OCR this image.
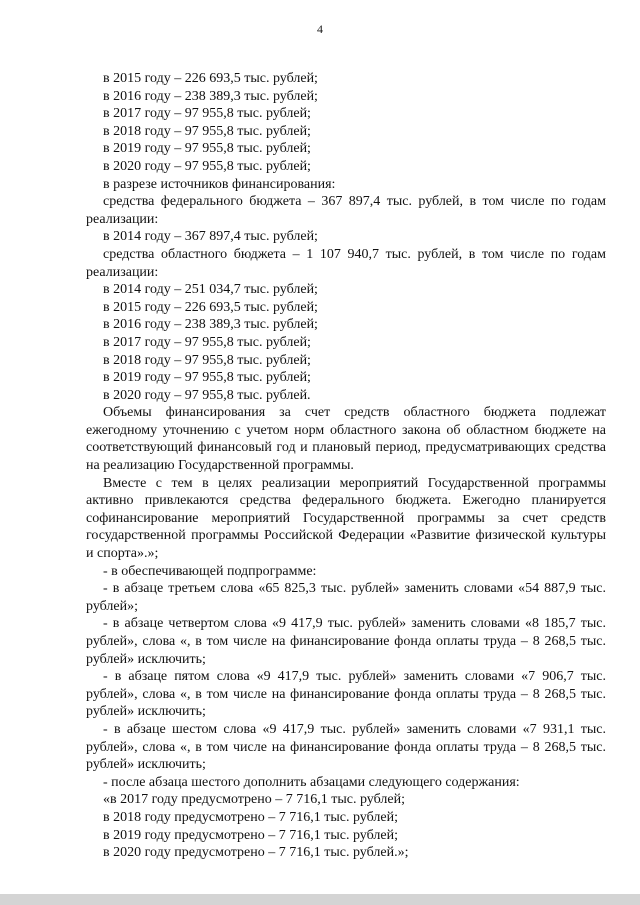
4

в 2015 году – 226 693,5 тыс. рублей;

в 2016 году – 238 389,3 тыс. рублей;

в 2017 году – 97 955,8 тыс. рублей;

в 2018 году – 97 955,8 тыс. рублей;

в 2019 году – 97 955,8 тыс. рублей;

в 2020 году – 97 955,8 тыс. рублей;

в разрезе источников финансирования:

средства федерального бюджета – 367 897,4 тыс. рублей, в том числе по годам реализации:

в 2014 году – 367 897,4 тыс. рублей;

средства областного бюджета – 1 107 940,7 тыс. рублей, в том числе по годам реализации:

в 2014 году – 251 034,7 тыс. рублей;

в 2015 году – 226 693,5 тыс. рублей;

в 2016 году – 238 389,3 тыс. рублей;

в 2017 году – 97 955,8 тыс. рублей;

в 2018 году – 97 955,8 тыс. рублей;

в 2019 году – 97 955,8 тыс. рублей;

в 2020 году – 97 955,8 тыс. рублей.

Объемы финансирования за счет средств областного бюджета подлежат ежегодному уточнению с учетом норм областного закона об областном бюджете на соответствующий финансовый год и плановый период, предусматривающих средства на реализацию Государственной программы.

Вместе с тем в целях реализации мероприятий Государственной программы активно привлекаются средства федерального бюджета. Ежегодно планируется софинансирование мероприятий Государственной программы за счет средств государственной программы Российской Федерации «Развитие физической культуры и спорта».»;

- в обеспечивающей подпрограмме:

- в абзаце третьем слова «65 825,3 тыс. рублей» заменить словами «54 887,9 тыс. рублей»;

- в абзаце четвертом слова «9 417,9 тыс. рублей» заменить словами «8 185,7 тыс. рублей», слова «, в том числе на финансирование фонда оплаты труда – 8 268,5 тыс. рублей» исключить;

- в абзаце пятом слова «9 417,9 тыс. рублей» заменить словами «7 906,7 тыс. рублей», слова «, в том числе на финансирование фонда оплаты труда – 8 268,5 тыс. рублей» исключить;

- в абзаце шестом слова «9 417,9 тыс. рублей» заменить словами «7 931,1 тыс. рублей», слова «, в том числе на финансирование фонда оплаты труда – 8 268,5 тыс. рублей» исключить;

- после абзаца шестого дополнить абзацами следующего содержания:

«в 2017 году предусмотрено – 7 716,1 тыс. рублей;

в 2018 году предусмотрено – 7 716,1 тыс. рублей;

в 2019 году предусмотрено – 7 716,1 тыс. рублей;

в 2020 году предусмотрено – 7 716,1 тыс. рублей.»;
